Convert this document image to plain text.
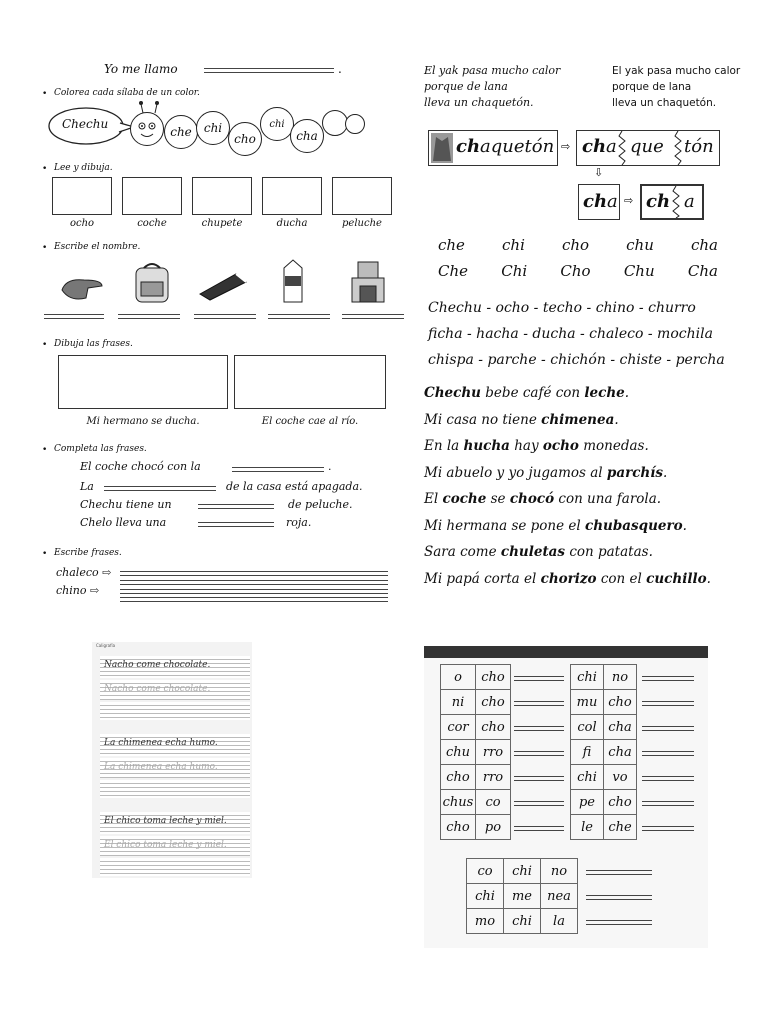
Yo me llamo	.
• Colorea cada sílaba de un color.
Chechu
che	chi
cho
chi
cha
• Lee y dibuja.
ocho	coche	chupete	ducha	peluche
• Escribe el nombre.
• Dibuja las frases.
Mi hermano se ducha.	El coche cae al río.
• Completa las frases.
El coche chocó con la	.
La	de la casa está apagada.
Chechu tiene un	de peluche.
Chelo lleva una	roja.
• Escribe frases.
chaleco ⇨
chino ⇨
El yak pasa mucho calor
porque de lana
lleva un chaquetón.
El yak pasa mucho calor
porque de lana
lleva un chaquetón.
chaquetón ⇨ cha que tón
⇩
cha ⇨ ch a
che chi cho chu cha
Che Chi Cho Chu Cha
Chechu - ocho - techo - chino - churro
ficha - hacha - ducha - chaleco - mochila
chispa - parche - chichón - chiste - percha
Chechu bebe café con leche.
Mi casa no tiene chimenea.
En la hucha hay ocho monedas.
Mi abuelo y yo jugamos al parchís.
El coche se chocó con una farola.
Mi hermana se pone el chubasquero.
Sara come chuletas con patatas.
Mi papá corta el chorizo con el cuchillo.
Caligrafía
Nacho come chocolate.
Nacho come chocolate.
La chimenea echa humo.
La chimenea echa humo.
El chico toma leche y miel.
El chico toma leche y miel.
o	cho
ni	cho
cor	cho
chu	rro
cho	rro
chus	co
cho	po
chi	no
mu	cho
col	cha
fi	cha
chi	vo
pe	cho
le	che
co	chi	no
chi	me	nea
mo	chi	la
